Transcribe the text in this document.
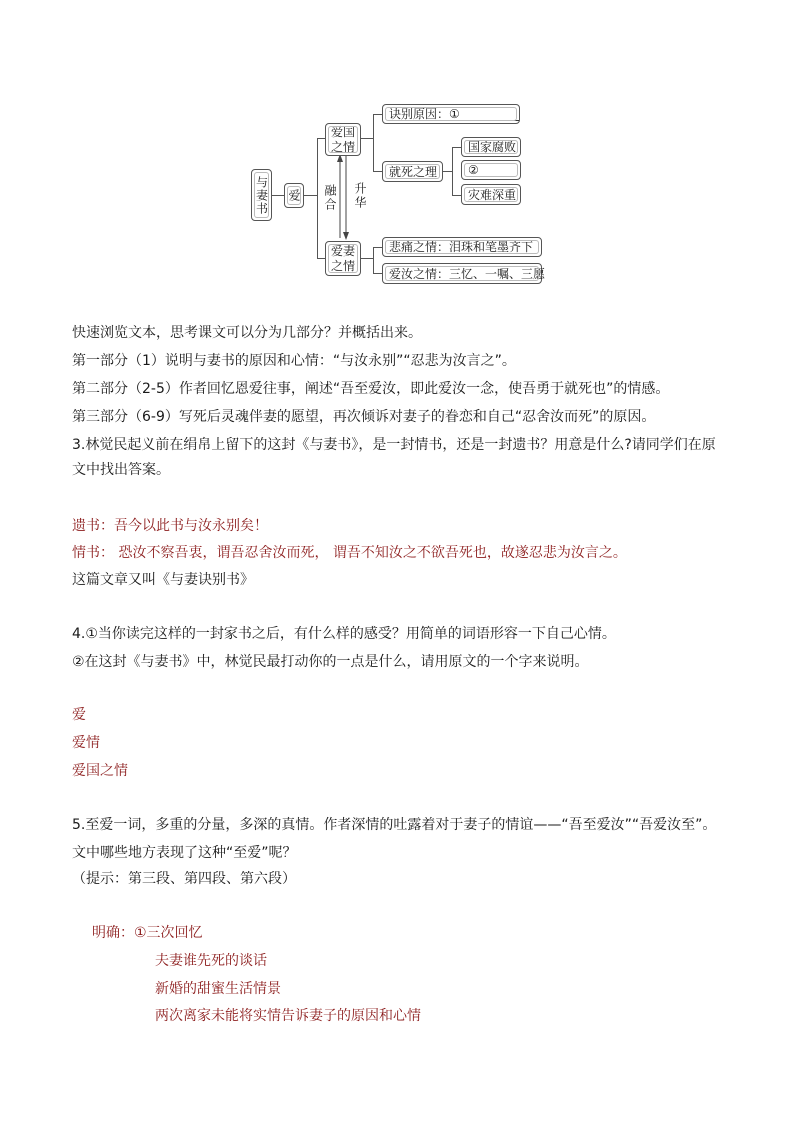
与妻书 爱
爱国
之情
爱妻
之情
融合 升华
诀别原因：①
就死之理
国家腐败
②
灾难深重
悲痛之情：泪珠和笔墨齐下
爱汝之情：三忆、一嘱、三愿
快速浏览文本，思考课文可以分为几部分？并概括出来。
第一部分（1）说明与妻书的原因和心情：“与汝永别”“忍悲为汝言之”。
第二部分（2-5）作者回忆恩爱往事，阐述“吾至爱汝，即此爱汝一念，使吾勇于就死也”的情感。
第三部分（6-9）写死后灵魂伴妻的愿望，再次倾诉对妻子的眷恋和自己“忍舍汝而死”的原因。
3.林觉民起义前在绢帛上留下的这封《与妻书》，是一封情书，还是一封遗书？用意是什么?请同学们在原
文中找出答案。
遗书：吾今以此书与汝永别矣！
情书： 恐汝不察吾衷，谓吾忍舍汝而死， 谓吾不知汝之不欲吾死也，故遂忍悲为汝言之。
这篇文章又叫《与妻诀别书》
4.①当你读完这样的一封家书之后，有什么样的感受？用简单的词语形容一下自己心情。
②在这封《与妻书》中，林觉民最打动你的一点是什么，请用原文的一个字来说明。
爱
爱情
爱国之情
5.至爱一词，多重的分量，多深的真情。作者深情的吐露着对于妻子的情谊——“吾至爱汝”“吾爱汝至”。
文中哪些地方表现了这种“至爱”呢？
（提示：第三段、第四段、第六段）
明确：①三次回忆
夫妻谁先死的谈话
新婚的甜蜜生活情景
两次离家未能将实情告诉妻子的原因和心情
